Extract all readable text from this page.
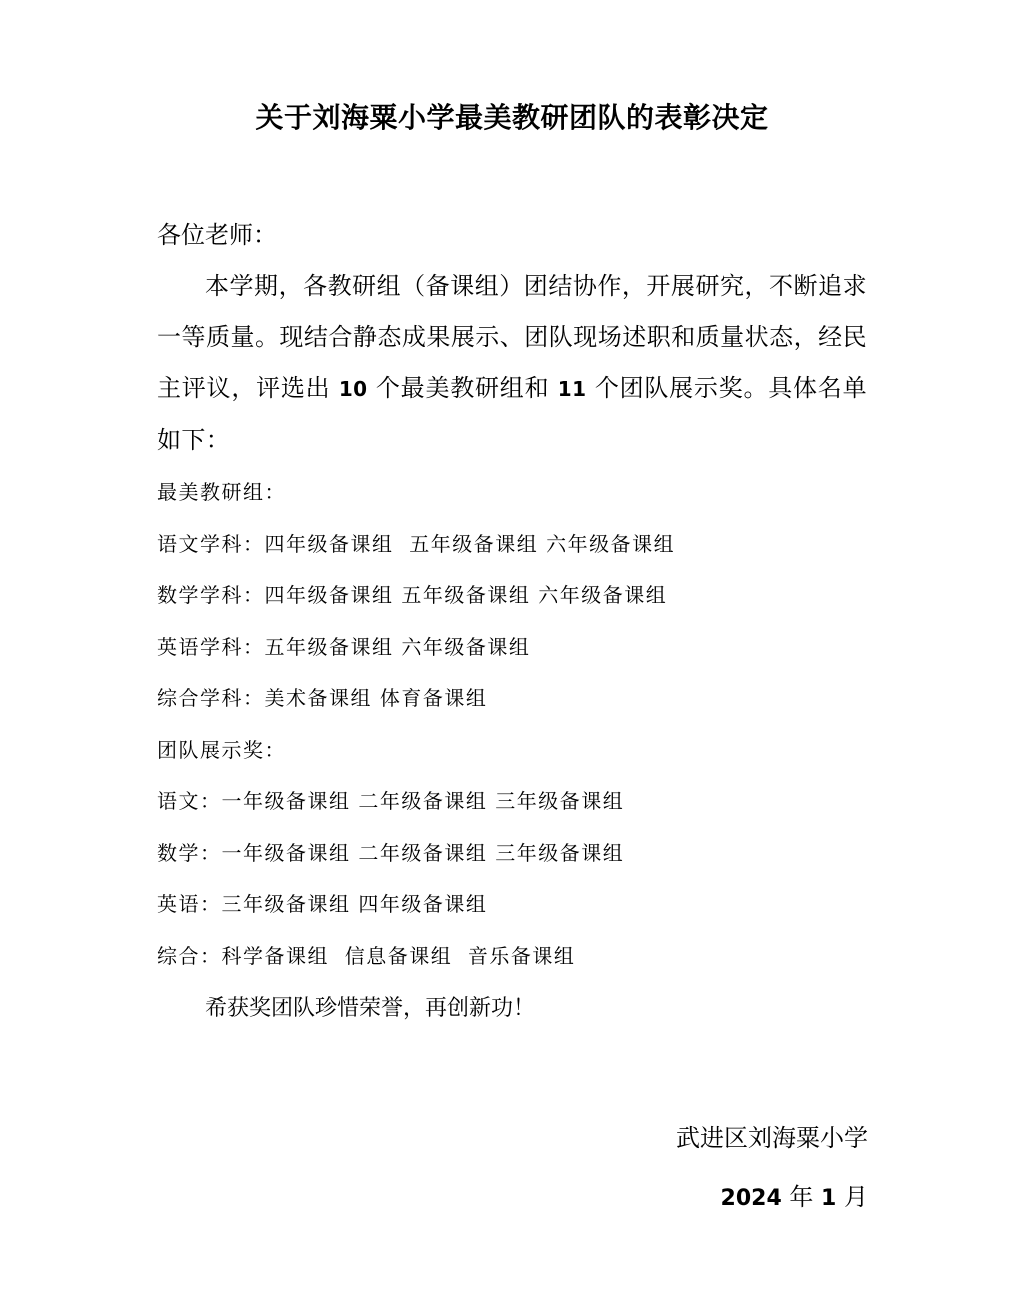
关于刘海粟小学最美教研团队的表彰决定
各位老师：
本学期，各教研组（备课组）团结协作，开展研究，不断追求一等质量。现结合静态成果展示、团队现场述职和质量状态，经民主评议，评选出 10 个最美教研组和 11 个团队展示奖。具体名单如下：
最美教研组：
语文学科：四年级备课组  五年级备课组 六年级备课组
数学学科：四年级备课组 五年级备课组 六年级备课组
英语学科：五年级备课组 六年级备课组
综合学科：美术备课组 体育备课组
团队展示奖：
语文：一年级备课组 二年级备课组 三年级备课组
数学：一年级备课组 二年级备课组 三年级备课组
英语：三年级备课组 四年级备课组
综合：科学备课组  信息备课组  音乐备课组
希获奖团队珍惜荣誉，再创新功！
武进区刘海粟小学
2024 年 1 月
